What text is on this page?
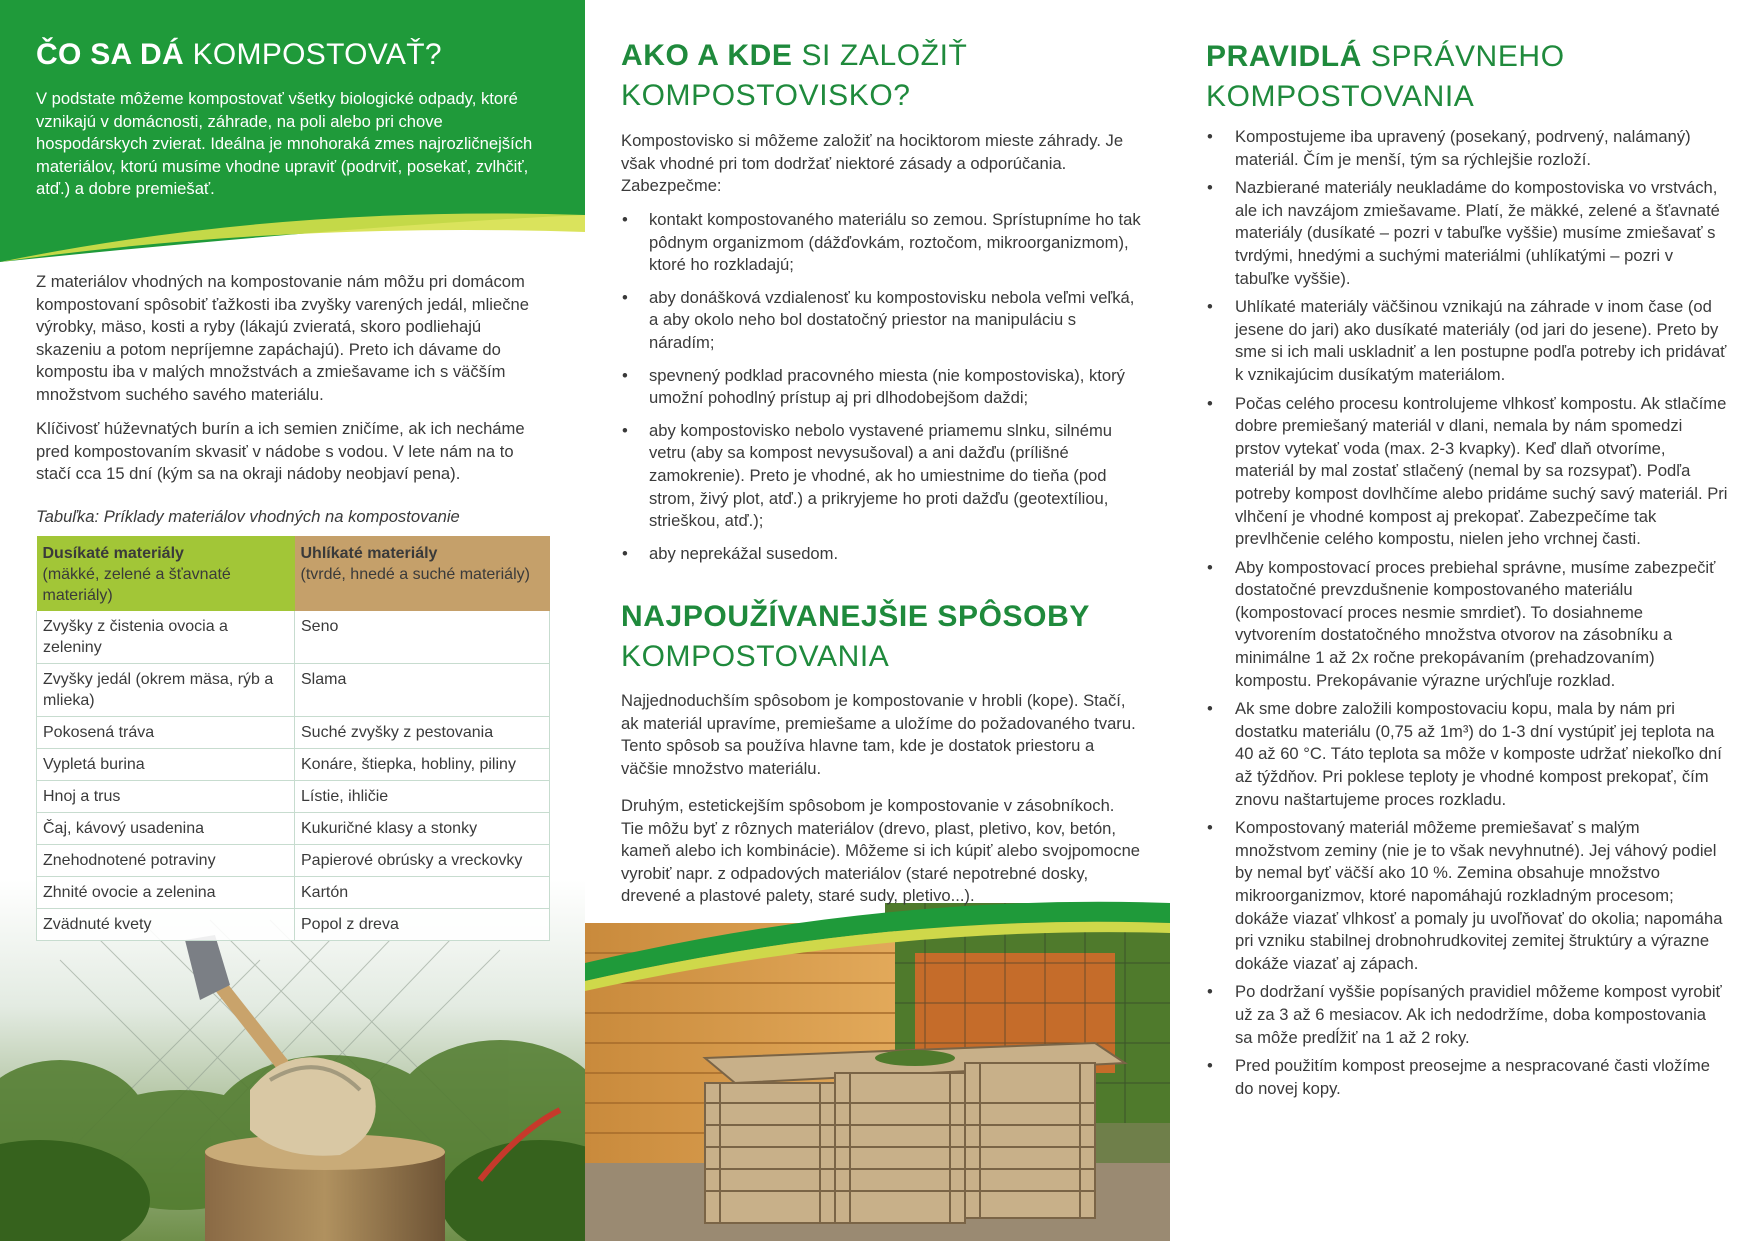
ČO SA DÁ KOMPOSTOVAŤ?

V podstate môžeme kompostovať všetky biologické odpady, ktoré vznikajú v domácnosti, záhrade, na poli alebo pri chove hospodárskych zvierat. Ideálna je mnohoraká zmes najrozličnejších materiálov, ktorú musíme vhodne upraviť (podrviť, posekať, zvlhčiť, atď.) a dobre premiešať.

Z materiálov vhodných na kompostovanie nám môžu pri domácom kompostovaní spôsobiť ťažkosti iba zvyšky varených jedál, mliečne výrobky, mäso, kosti a ryby (lákajú zvieratá, skoro podliehajú skazeniu a potom nepríjemne zapáchajú). Preto ich dávame do kompostu iba v malých množstvách a zmiešavame ich s väčším množstvom suchého savého materiálu.

Klíčivosť húževnatých burín a ich semien zničíme, ak ich necháme pred kompostovaním skvasiť v nádobe s vodou. V lete nám na to stačí cca 15 dní (kým sa na okraji nádoby neobjaví pena).

Tabuľka: Príklady materiálov vhodných na kompostovanie

Dusíkaté materiály
(mäkké, zelené a šťavnaté materiály)	Uhlíkaté materiály
(tvrdé, hnedé a suché materiály)
Zvyšky z čistenia ovocia a zeleniny	Seno
Zvyšky jedál (okrem mäsa, rýb a mlieka)	Slama
Pokosená tráva	Suché zvyšky z pestovania
Vypletá burina	Konáre, štiepka, hobliny, piliny
Hnoj a trus	Lístie, ihličie
Čaj, kávový usadenina	Kukuričné klasy a stonky
Znehodnotené potraviny	Papierové obrúsky a vreckovky
Zhnité ovocie a zelenina	Kartón
Zvädnuté kvety	Popol z dreva
AKO A KDE SI ZALOŽIŤ KOMPOSTOVISKO?

Kompostovisko si môžeme založiť na hociktorom mieste záhrady. Je však vhodné pri tom dodržať niektoré zásady a odporúčania. Zabezpečme:

• kontakt kompostovaného materiálu so zemou. Sprístupníme ho tak pôdnym organizmom (dážďovkám, roztočom, mikroorganizmom), ktoré ho rozkladajú;
• aby donášková vzdialenosť ku kompostovisku nebola veľmi veľká, a aby okolo neho bol dostatočný priestor na manipuláciu s náradím;
• spevnený podklad pracovného miesta (nie kompostoviska), ktorý umožní pohodlný prístup aj pri dlhodobejšom daždi;
• aby kompostovisko nebolo vystavené priamemu slnku, silnému vetru (aby sa kompost nevysušoval) a ani dažďu (prílišné zamokrenie). Preto je vhodné, ak ho umiestnime do tieňa (pod strom, živý plot, atď.) a prikryjeme ho proti dažďu (geotextíliou, strieškou, atď.);
• aby neprekážal susedom.
NAJPOUŽÍVANEJŠIE SPÔSOBY KOMPOSTOVANIA

Najjednoduchším spôsobom je kompostovanie v hrobli (kope). Stačí, ak materiál upravíme, premiešame a uložíme do požadovaného tvaru. Tento spôsob sa používa hlavne tam, kde je dostatok priestoru a väčšie množstvo materiálu.

Druhým, estetickejším spôsobom je kompostovanie v zásobníkoch. Tie môžu byť z rôznych materiálov (drevo, plast, pletivo, kov, betón, kameň alebo ich kombinácie). Môžeme si ich kúpiť alebo svojpomocne vyrobiť napr. z odpadových materiálov (staré nepotrebné dosky, drevené a plastové palety, staré sudy, pletivo...).

PRAVIDLÁ SPRÁVNEHO KOMPOSTOVANIA
• Kompostujeme iba upravený (posekaný, podrvený, nalámaný) materiál. Čím je menší, tým sa rýchlejšie rozloží.
• Nazbierané materiály neukladáme do kompostoviska vo vrstvách, ale ich navzájom zmiešavame. Platí, že mäkké, zelené a šťavnaté materiály (dusíkaté – pozri v tabuľke vyššie) musíme zmiešavať s tvrdými, hnedými a suchými materiálmi (uhlíkatými – pozri v tabuľke vyššie).
• Uhlíkaté materiály väčšinou vznikajú na záhrade v inom čase (od jesene do jari) ako dusíkaté materiály (od jari do jesene). Preto by sme si ich mali uskladniť a len postupne podľa potreby ich pridávať k vznikajúcim dusíkatým materiálom.
• Počas celého procesu kontrolujeme vlhkosť kompostu. Ak stlačíme dobre premiešaný materiál v dlani, nemala by nám spomedzi prstov vytekať voda (max. 2-3 kvapky). Keď dlaň otvoríme, materiál by mal zostať stlačený (nemal by sa rozsypať). Podľa potreby kompost dovlhčíme alebo pridáme suchý savý materiál. Pri vlhčení je vhodné kompost aj prekopať. Zabezpečíme tak prevlhčenie celého kompostu, nielen jeho vrchnej časti.
• Aby kompostovací proces prebiehal správne, musíme zabezpečiť dostatočné prevzdušnenie kompostovaného materiálu (kompostovací proces nesmie smrdieť). To dosiahneme vytvorením dostatočného množstva otvorov na zásobníku a minimálne 1 až 2x ročne prekopávaním (prehadzovaním) kompostu. Prekopávanie výrazne urýchľuje rozklad.
• Ak sme dobre založili kompostovaciu kopu, mala by nám pri dostatku materiálu (0,75 až 1m³) do 1-3 dní vystúpiť jej teplota na 40 až 60 °C. Táto teplota sa môže v komposte udržať niekoľko dní až týždňov. Pri poklese teploty je vhodné kompost prekopať, čím znovu naštartujeme proces rozkladu.
• Kompostovaný materiál môžeme premiešavať s malým množstvom zeminy (nie je to však nevyhnutné). Jej váhový podiel by nemal byť väčší ako 10 %. Zemina obsahuje množstvo mikroorganizmov, ktoré napomáhajú rozkladným procesom; dokáže viazať vlhkosť a pomaly ju uvoľňovať do okolia; napomáha pri vzniku stabilnej drobnohrudkovitej zemitej štruktúry a výrazne dokáže viazať aj zápach.
• Po dodržaní vyššie popísaných pravidiel môžeme kompost vyrobiť už za 3 až 6 mesiacov. Ak ich nedodržíme, doba kompostovania sa môže predĺžiť na 1 až 2 roky.
• Pred použitím kompost preosejme a nespracované časti vložíme do novej kopy.
